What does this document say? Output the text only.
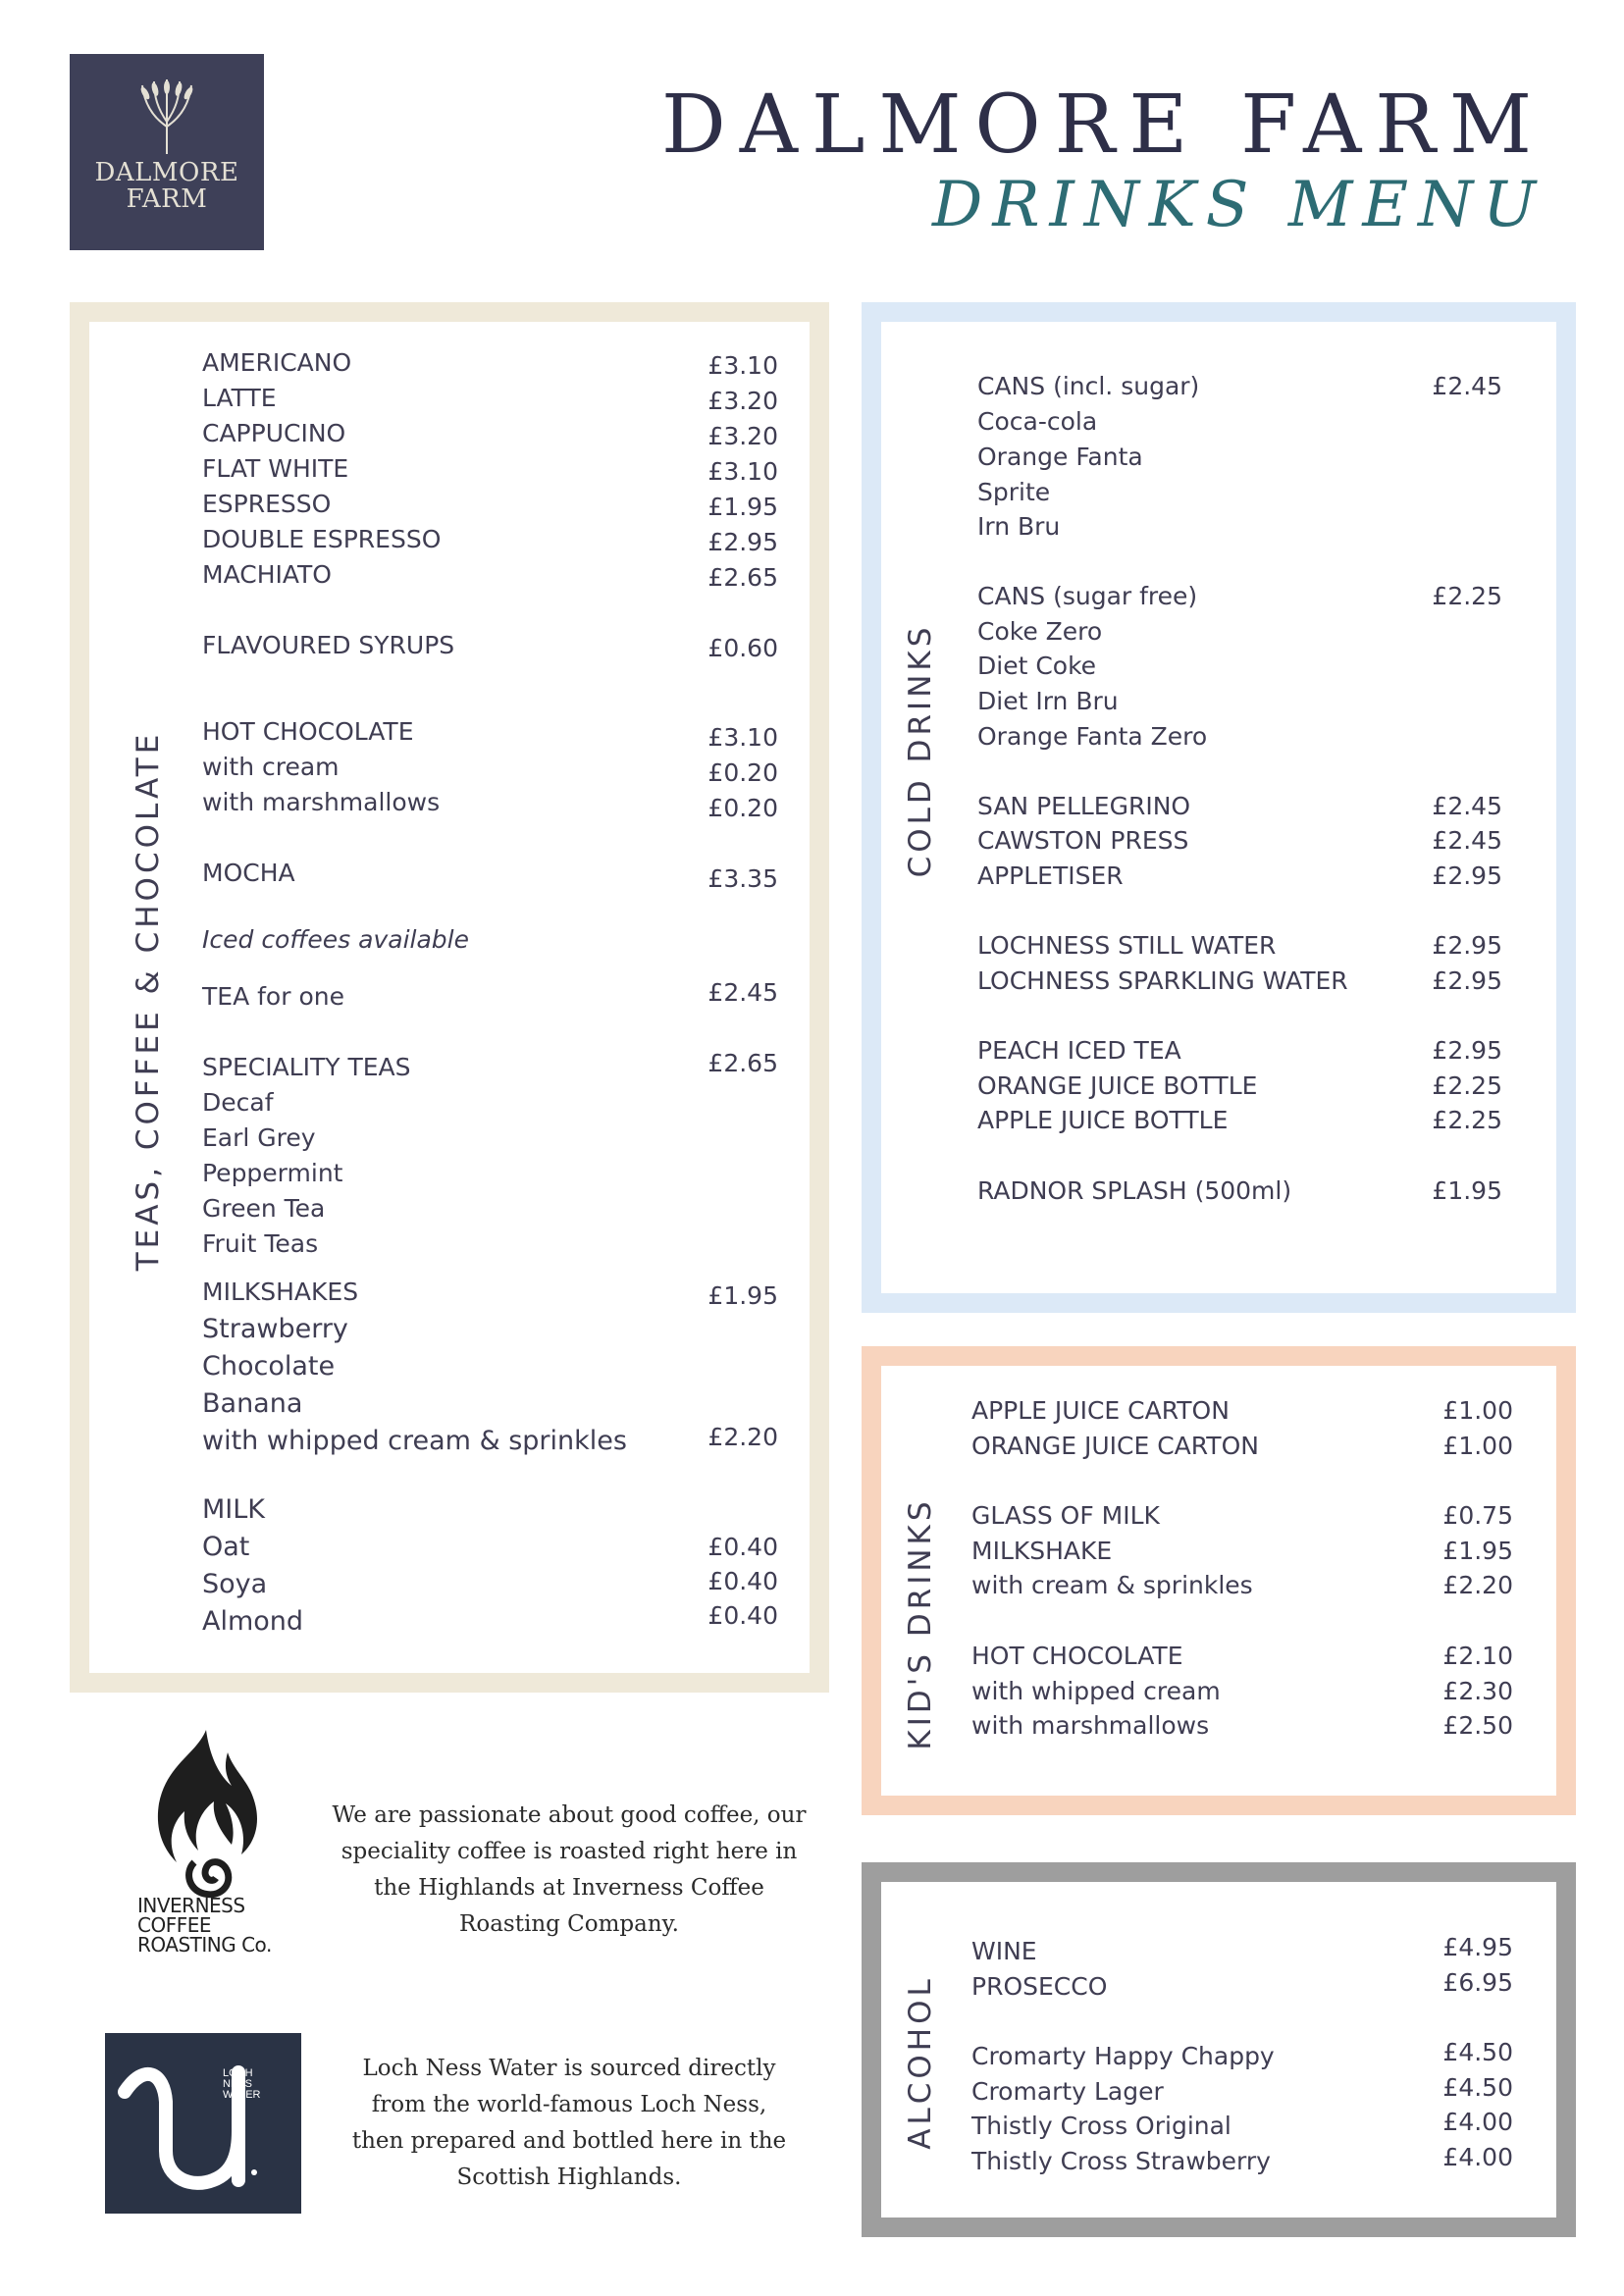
DALMORE
FARM
DALMORE FARM
DRINKS MENU
TEAS, COFFEE & CHOCOLATE	COLD DRINKS
KID'S DRINKS
ALCOHOL
AMERICANO	£3.10
LATTE	£3.20
CAPPUCINO	£3.20
FLAT WHITE	£3.10
ESPRESSO	£1.95
DOUBLE ESPRESSO	£2.95
MACHIATO	£2.65
FLAVOURED SYRUPS	£0.60
HOT CHOCOLATE	£3.10
with cream	£0.20
with marshmallows	£0.20
MOCHA	£3.35
Iced coffees available
TEA for one	£2.45
SPECIALITY TEAS	£2.65
Decaf
Earl Grey
Peppermint
Green Tea
Fruit Teas
MILKSHAKES	£1.95
Strawberry
Chocolate
Banana
with whipped cream & sprinkles	£2.20
MILK
Oat	£0.40
Soya	£0.40
Almond	£0.40
CANS (incl. sugar)	£2.45
Coca-cola
Orange Fanta
Sprite
Irn Bru
CANS (sugar free)	£2.25
Coke Zero
Diet Coke
Diet Irn Bru
Orange Fanta Zero
SAN PELLEGRINO	£2.45
CAWSTON PRESS	£2.45
APPLETISER	£2.95
LOCHNESS STILL WATER	£2.95
LOCHNESS SPARKLING WATER	£2.95
PEACH ICED TEA	£2.95
ORANGE JUICE BOTTLE	£2.25
APPLE JUICE BOTTLE	£2.25
RADNOR SPLASH (500ml)	£1.95
APPLE JUICE CARTON	£1.00
ORANGE JUICE CARTON	£1.00
GLASS OF MILK	£0.75
MILKSHAKE	£1.95
with cream & sprinkles	£2.20
HOT CHOCOLATE	£2.10
with whipped cream	£2.30
with marshmallows	£2.50
WINE	£4.95
PROSECCO	£6.95
Cromarty Happy Chappy	£4.50
Cromarty Lager	£4.50
Thistly Cross Original	£4.00
Thistly Cross Strawberry	£4.00
INVERNESS
COFFEE
ROASTING Co.
We are passionate about good coffee, our
speciality coffee is roasted right here in
the Highlands at Inverness Coffee
Roasting Company.
LOCH NESS WATER
Loch Ness Water is sourced directly
from the world-famous Loch Ness,
then prepared and bottled here in the
Scottish Highlands.
